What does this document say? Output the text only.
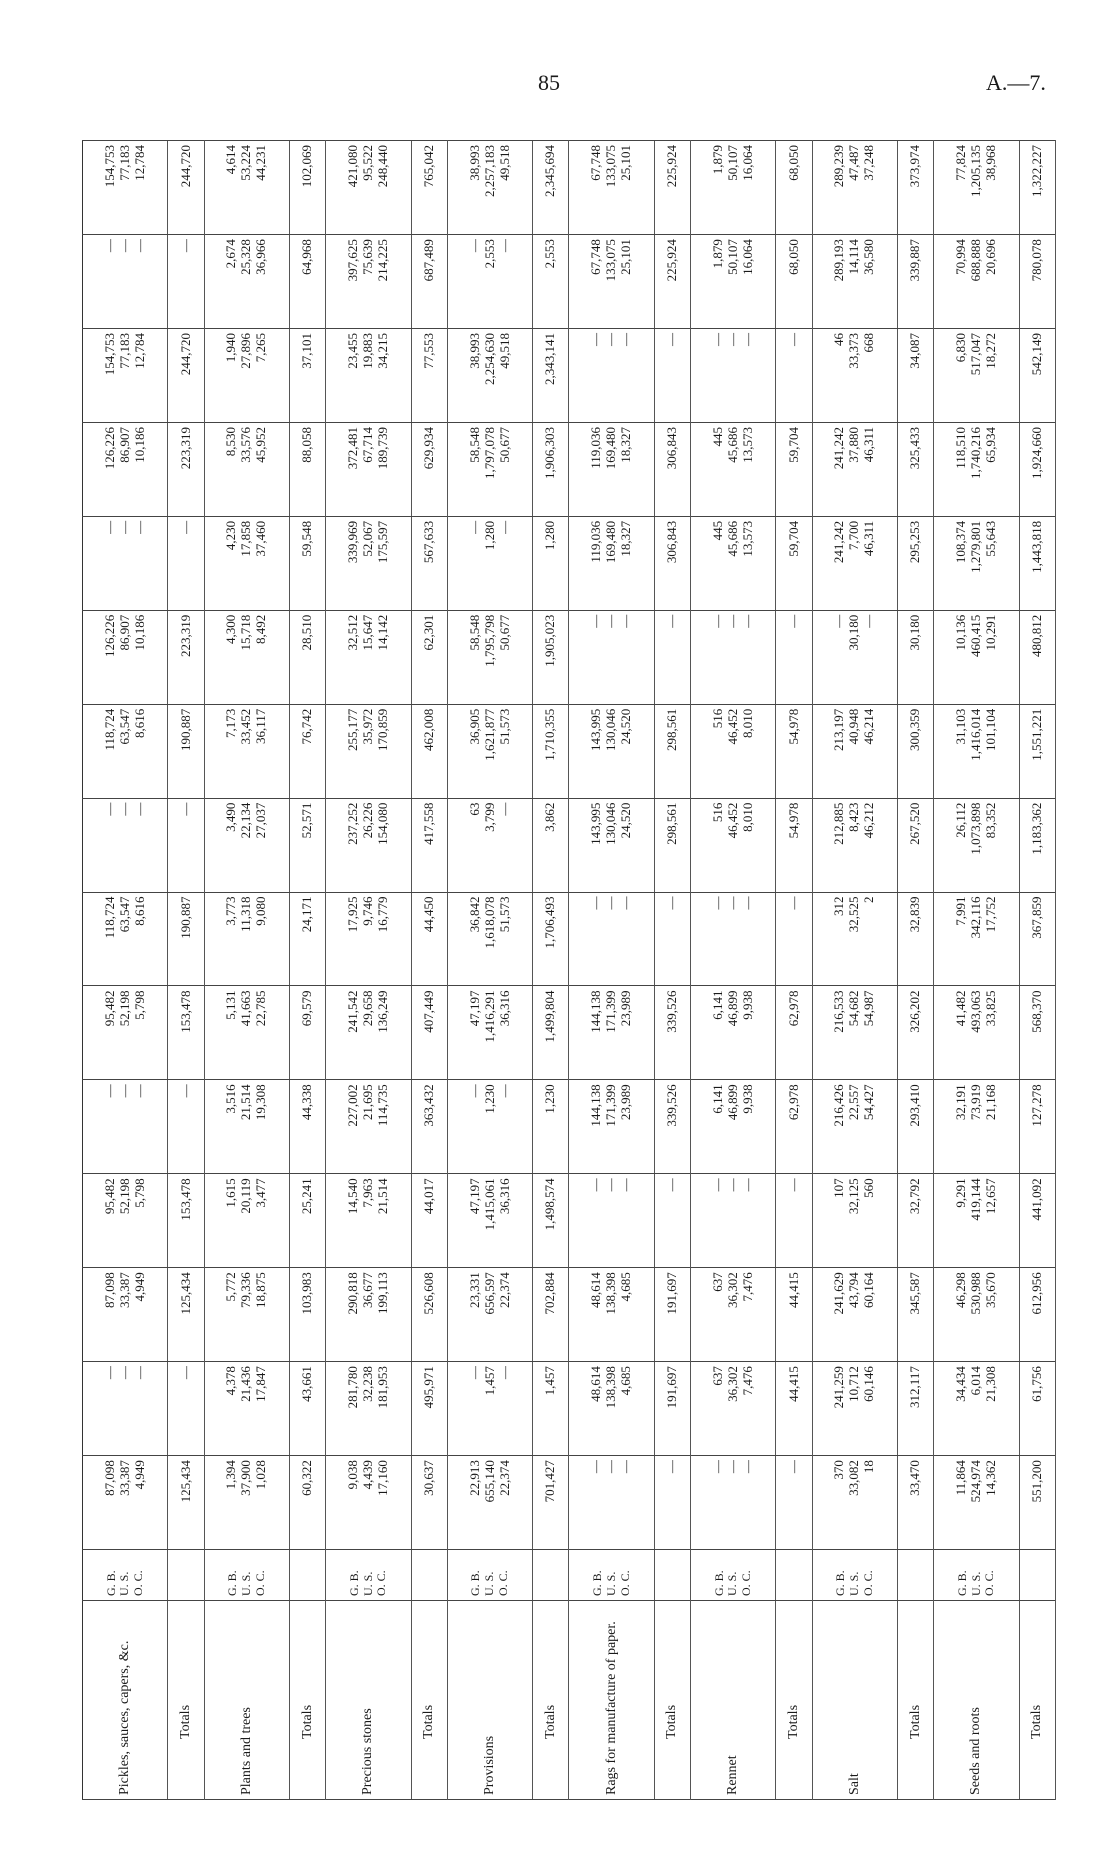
85	A.—7.
Pickles, sauces, capers, &c.	G. B.
U. S.
O. C.	87,098
33,387
4,949	—
—
—	87,098
33,387
4,949	95,482
52,198
5,798	—
—
—	95,482
52,198
5,798	118,724
63,547
8,616	—
—
—	118,724
63,547
8,616	126,226
86,907
10,186	—
—
—	126,226
86,907
10,186	154,753
77,183
12,784	—
—
—	154,753
77,183
12,784
Totals		125,434	—	125,434	153,478	—	153,478	190,887	—	190,887	223,319	—	223,319	244,720	—	244,720
Plants and trees	G. B.
U. S.
O. C.	1,394
37,900
1,028	4,378
21,436
17,847	5,772
79,336
18,875	1,615
20,119
3,477	3,516
21,514
19,308	5,131
41,663
22,785	3,773
11,318
9,080	3,490
22,134
27,037	7,173
33,452
36,117	4,300
15,718
8,492	4,230
17,858
37,460	8,530
33,576
45,952	1,940
27,896
7,265	2,674
25,328
36,966	4,614
53,224
44,231
Totals		60,322	43,661	103,983	25,241	44,338	69,579	24,171	52,571	76,742	28,510	59,548	88,058	37,101	64,968	102,069
Precious stones	G. B.
U. S.
O. C.	9,038
4,439
17,160	281,780
32,238
181,953	290,818
36,677
199,113	14,540
7,963
21,514	227,002
21,695
114,735	241,542
29,658
136,249	17,925
9,746
16,779	237,252
26,226
154,080	255,177
35,972
170,859	32,512
15,647
14,142	339,969
52,067
175,597	372,481
67,714
189,739	23,455
19,883
34,215	397,625
75,639
214,225	421,080
95,522
248,440
Totals		30,637	495,971	526,608	44,017	363,432	407,449	44,450	417,558	462,008	62,301	567,633	629,934	77,553	687,489	765,042
Provisions	G. B.
U. S.
O. C.	22,913
655,140
22,374	—
1,457
—	23,331
656,597
22,374	47,197
1,415,061
36,316	—
1,230
—	47,197
1,416,291
36,316	36,842
1,618,078
51,573	63
3,799
—	36,905
1,621,877
51,573	58,548
1,795,798
50,677	—
1,280
—	58,548
1,797,078
50,677	38,993
2,254,630
49,518	—
2,553
—	38,993
2,257,183
49,518
Totals		701,427	1,457	702,884	1,498,574	1,230	1,499,804	1,706,493	3,862	1,710,355	1,905,023	1,280	1,906,303	2,343,141	2,553	2,345,694
Rags for manufacture of paper.	G. B.
U. S.
O. C.	—
—
—	48,614
138,398
4,685	48,614
138,398
4,685	—
—
—	144,138
171,399
23,989	144,138
171,399
23,989	—
—
—	143,995
130,046
24,520	143,995
130,046
24,520	—
—
—	119,036
169,480
18,327	119,036
169,480
18,327	—
—
—	67,748
133,075
25,101	67,748
133,075
25,101
Totals		—	191,697	191,697	—	339,526	339,526	—	298,561	298,561	—	306,843	306,843	—	225,924	225,924
Rennet	G. B.
U. S.
O. C.	—
—
—	637
36,302
7,476	637
36,302
7,476	—
—
—	6,141
46,899
9,938	6,141
46,899
9,938	—
—
—	516
46,452
8,010	516
46,452
8,010	—
—
—	445
45,686
13,573	445
45,686
13,573	—
—
—	1,879
50,107
16,064	1,879
50,107
16,064
Totals		—	44,415	44,415	—	62,978	62,978	—	54,978	54,978	—	59,704	59,704	—	68,050	68,050
Salt	G. B.
U. S.
O. C.	370
33,082
18	241,259
10,712
60,146	241,629
43,794
60,164	107
32,125
560	216,426
22,557
54,427	216,533
54,682
54,987	312
32,525
2	212,885
8,423
46,212	213,197
40,948
46,214	—
30,180
—	241,242
7,700
46,311	241,242
37,880
46,311	46
33,373
668	289,193
14,114
36,580	289,239
47,487
37,248
Totals		33,470	312,117	345,587	32,792	293,410	326,202	32,839	267,520	300,359	30,180	295,253	325,433	34,087	339,887	373,974
Seeds and roots	G. B.
U. S.
O. C.	11,864
524,974
14,362	34,434
6,014
21,308	46,298
530,988
35,670	9,291
419,144
12,657	32,191
73,919
21,168	41,482
493,063
33,825	7,991
342,116
17,752	26,112
1,073,898
83,352	31,103
1,416,014
101,104	10,136
460,415
10,291	108,374
1,279,801
55,643	118,510
1,740,216
65,934	6,830
517,047
18,272	70,994
688,888
20,696	77,824
1,205,135
38,968
Totals		551,200	61,756	612,956	441,092	127,278	568,370	367,859	1,183,362	1,551,221	480,812	1,443,818	1,924,660	542,149	780,078	1,322,227
